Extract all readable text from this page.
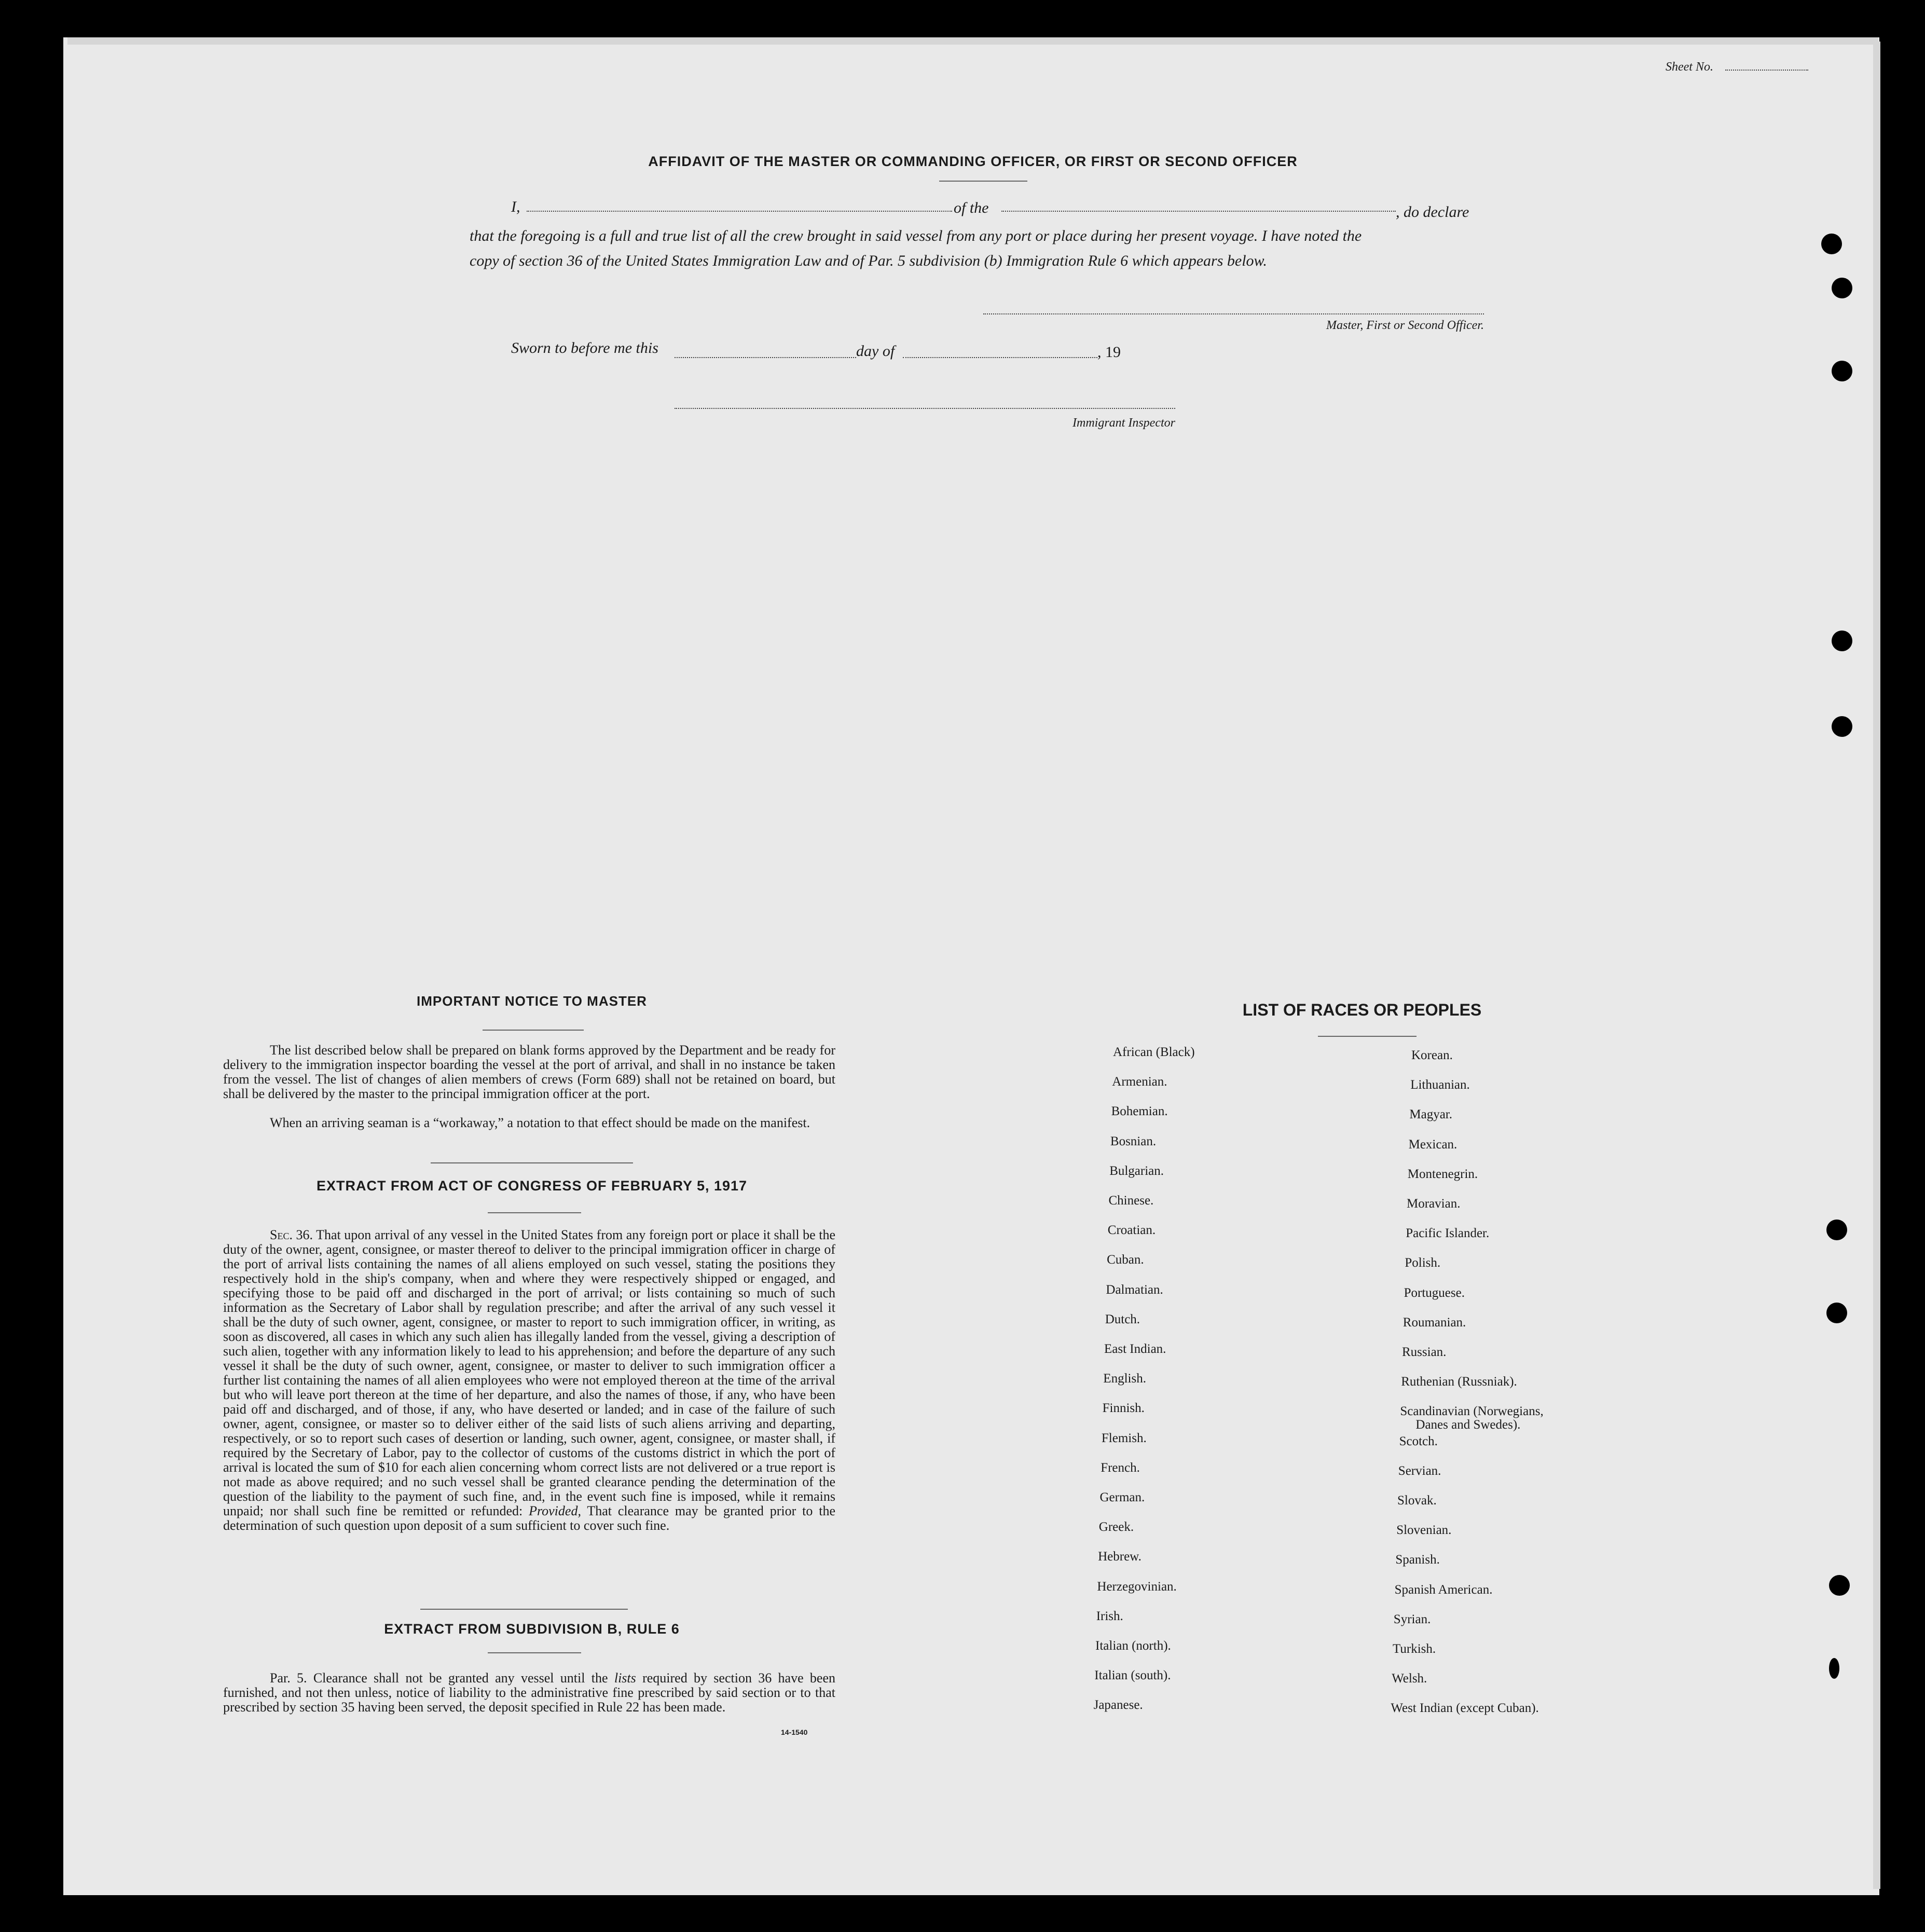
Sheet No.
AFFIDAVIT OF THE MASTER OR COMMANDING OFFICER, OR FIRST OR SECOND OFFICER
I,	of the	, do declare
that the foregoing is a full and true list of all the crew brought in said vessel from any port or place during her present voyage. I have noted the
copy of section 36 of the United States Immigration Law and of Par. 5 subdivision (b) Immigration Rule 6 which appears below.
Master, First or Second Officer.
Sworn to before me this	day of	, 19
Immigrant Inspector
IMPORTANT NOTICE TO MASTER
The list described below shall be prepared on blank forms approved by the Department and be ready for delivery to the immigration inspector boarding the vessel at the port of arrival, and shall in no instance be taken from the vessel. The list of changes of alien members of crews (Form 689) shall not be retained on board, but shall be delivered by the master to the principal immigration officer at the port.
When an arriving seaman is a “workaway,” a notation to that effect should be made on the manifest.
EXTRACT FROM ACT OF CONGRESS OF FEBRUARY 5, 1917
Sec. 36. That upon arrival of any vessel in the United States from any foreign port or place it shall be the duty of the owner, agent, consignee, or master thereof to deliver to the principal immigration officer in charge of the port of arrival lists containing the names of all aliens employed on such vessel, stating the positions they respectively hold in the ship's company, when and where they were respectively shipped or engaged, and specifying those to be paid off and discharged in the port of arrival; or lists containing so much of such information as the Secretary of Labor shall by regulation prescribe; and after the arrival of any such vessel it shall be the duty of such owner, agent, consignee, or master to report to such immigration officer, in writing, as soon as discovered, all cases in which any such alien has illegally landed from the vessel, giving a description of such alien, together with any information likely to lead to his apprehension; and before the departure of any such vessel it shall be the duty of such owner, agent, consignee, or master to deliver to such immigration officer a further list containing the names of all alien employees who were not employed thereon at the time of the arrival but who will leave port thereon at the time of her departure, and also the names of those, if any, who have been paid off and discharged, and of those, if any, who have deserted or landed; and in case of the failure of such owner, agent, consignee, or master so to deliver either of the said lists of such aliens arriving and departing, respectively, or so to report such cases of desertion or landing, such owner, agent, consignee, or master shall, if required by the Secretary of Labor, pay to the collector of customs of the customs district in which the port of arrival is located the sum of $10 for each alien concerning whom correct lists are not delivered or a true report is not made as above required; and no such vessel shall be granted clearance pending the determination of the question of the liability to the payment of such fine, and, in the event such fine is imposed, while it remains unpaid; nor shall such fine be remitted or refunded: Provided, That clearance may be granted prior to the determination of such question upon deposit of a sum sufficient to cover such fine.
EXTRACT FROM SUBDIVISION B, RULE 6
Par. 5. Clearance shall not be granted any vessel until the lists required by section 36 have been furnished, and not then unless, notice of liability to the administrative fine prescribed by said section or to that prescribed by section 35 having been served, the deposit specified in Rule 22 has been made.
14-1540
LIST OF RACES OR PEOPLES
African (Black)
Armenian.
Bohemian.
Bosnian.
Bulgarian.
Chinese.
Croatian.
Cuban.
Dalmatian.
Dutch.
East Indian.
English.
Finnish.
Flemish.
French.
German.
Greek.
Hebrew.
Herzegovinian.
Irish.
Italian (north).
Italian (south).
Japanese.
Korean.
Lithuanian.
Magyar.
Mexican.
Montenegrin.
Moravian.
Pacific Islander.
Polish.
Portuguese.
Roumanian.
Russian.
Ruthenian (Russniak).
Scandinavian (Norwegians,
Danes and Swedes).
Scotch.
Servian.
Slovak.
Slovenian.
Spanish.
Spanish American.
Syrian.
Turkish.
Welsh.
West Indian (except Cuban).
